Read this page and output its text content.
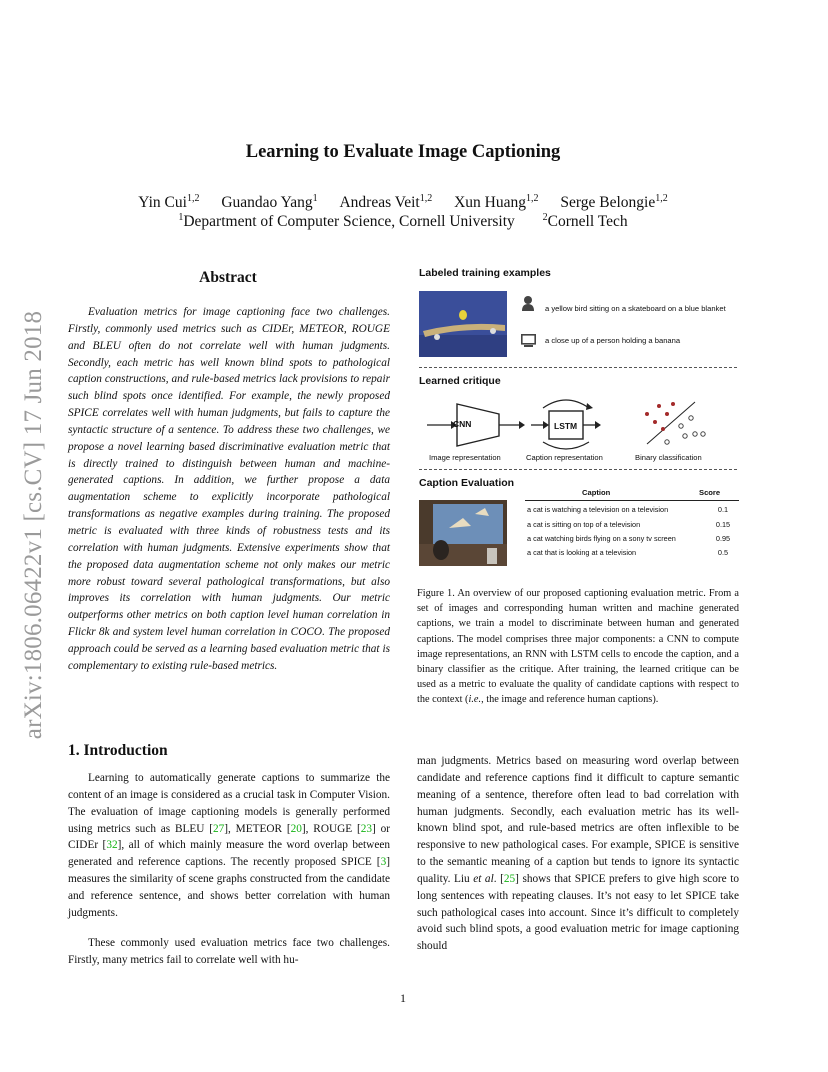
arXiv:1806.06422v1 [cs.CV] 17 Jun 2018
Learning to Evaluate Image Captioning
Yin Cui$^{1,2}$ Guandao Yang$^1$ Andreas Veit$^{1,2}$ Xun Huang$^{1,2}$ Serge Belongie$^{1,2}$
$^1$Department of Computer Science, Cornell University	$^2$Cornell Tech
Abstract
Evaluation metrics for image captioning face two challenges. Firstly, commonly used metrics such as CIDEr, METEOR, ROUGE and BLEU often do not correlate well with human judgments. Secondly, each metric has well known blind spots to pathological caption constructions, and rule-based metrics lack provisions to repair such blind spots once identified. For example, the newly proposed SPICE correlates well with human judgments, but fails to capture the syntactic structure of a sentence. To address these two challenges, we propose a novel learning based discriminative evaluation metric that is directly trained to distinguish between human and machine-generated captions. In addition, we further propose a data augmentation scheme to explicitly incorporate pathological transformations as negative examples during training. The proposed metric is evaluated with three kinds of robustness tests and its correlation with human judgments. Extensive experiments show that the proposed data augmentation scheme not only makes our metric more robust toward several pathological transformations, but also improves its correlation with human judgments. Our metric outperforms other metrics on both caption level human correlation in Flickr 8k and system level human correlation in COCO. The proposed approach could be served as a learning based evaluation metric that is complementary to existing rule-based metrics.
Labeled training examples
a yellow bird sitting on a skateboard on a blue blanket
a close up of a person holding a banana
Learned critique
CNN	LSTM
Image representation	Caption representation	Binary classification
Caption Evaluation
Caption	Score
a cat is watching a television on a television	0.1
a cat is sitting on top of a television	0.15
a cat watching birds flying on a sony tv screen	0.95
a cat that is looking at a television	0.5
Figure 1. An overview of our proposed captioning evaluation metric. From a set of images and corresponding human written and machine generated captions, we train a model to discriminate between human and generated captions. The model comprises three major components: a CNN to compute image representations, an RNN with LSTM cells to encode the caption, and a binary classifier as the critique. After training, the learned critique can be used as a metric to evaluate the quality of candidate captions with respect to the context (i.e., the image and reference human captions).
1. Introduction
Learning to automatically generate captions to summarize the content of an image is considered as a crucial task in Computer Vision. The evaluation of image captioning models is generally performed using metrics such as BLEU [27], METEOR [20], ROUGE [23] or CIDEr [32], all of which mainly measure the word overlap between generated and reference captions. The recently proposed SPICE [3] measures the similarity of scene graphs constructed from the candidate and reference sentence, and shows better correlation with human judgments.
These commonly used evaluation metrics face two challenges. Firstly, many metrics fail to correlate well with hu-
man judgments. Metrics based on measuring word overlap between candidate and reference captions find it difficult to capture semantic meaning of a sentence, therefore often lead to bad correlation with human judgments. Secondly, each evaluation metric has its well-known blind spot, and rule-based metrics are often inflexible to be responsive to new pathological cases. For example, SPICE is sensitive to the semantic meaning of a caption but tends to ignore its syntactic quality. Liu et al. [25] shows that SPICE prefers to give high score to long sentences with repeating clauses. It’s not easy to let SPICE take such pathological cases into account. Since it’s difficult to completely avoid such blind spots, a good evaluation metric for image captioning should
1
